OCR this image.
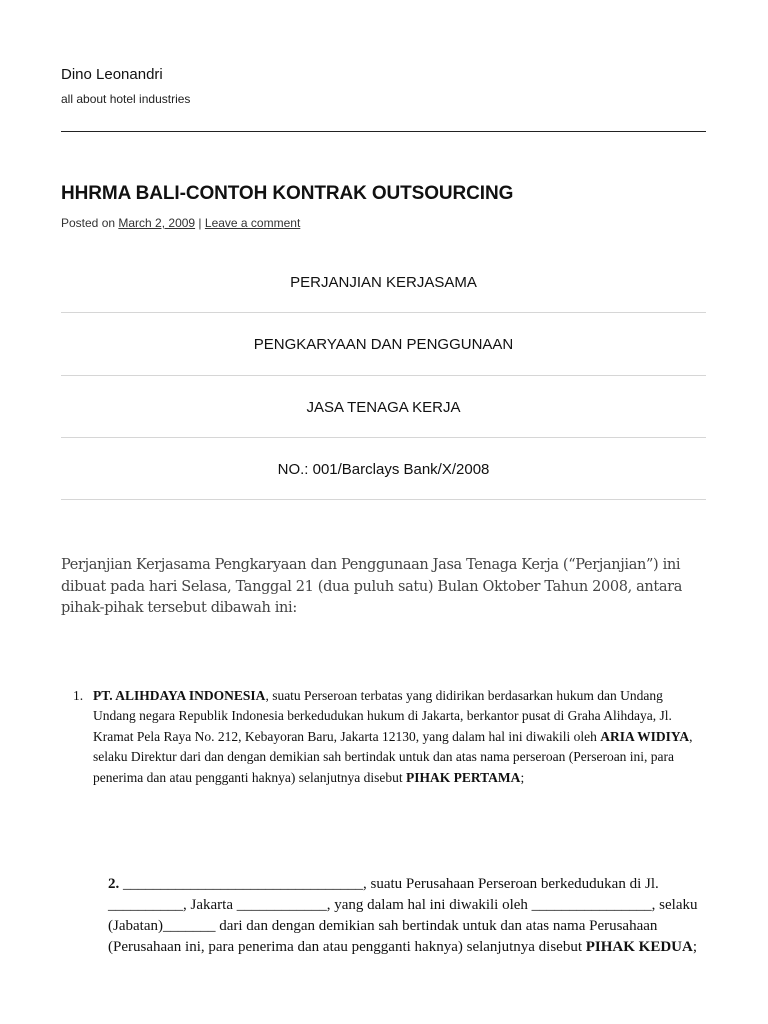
Dino Leonandri
all about hotel industries
HHRMA BALI-CONTOH KONTRAK OUTSOURCING
Posted on March 2, 2009 | Leave a comment
PERJANJIAN KERJASAMA
PENGKARYAAN DAN PENGGUNAAN
JASA TENAGA KERJA
NO.: 001/Barclays Bank/X/2008

Perjanjian Kerjasama Pengkaryaan dan Penggunaan Jasa Tenaga Kerja (“Perjanjian”) ini dibuat pada hari Selasa, Tanggal 21 (dua puluh satu) Bulan Oktober Tahun 2008, antara pihak-pihak tersebut dibawah ini:

1. PT. ALIHDAYA INDONESIA, suatu Perseroan terbatas yang didirikan berdasarkan hukum dan Undang Undang negara Republik Indonesia berkedudukan hukum di Jakarta, berkantor pusat di Graha Alihdaya, Jl. Kramat Pela Raya No. 212, Kebayoran Baru, Jakarta 12130, yang dalam hal ini diwakili oleh ARIA WIDIYA, selaku Direktur dari dan dengan demikian sah bertindak untuk dan atas nama perseroan (Perseroan ini, para penerima dan atau pengganti haknya) selanjutnya disebut PIHAK PERTAMA;

2. ________________________________, suatu Perusahaan Perseroan berkedudukan di Jl. __________, Jakarta ____________, yang dalam hal ini diwakili oleh ________________, selaku (Jabatan)_______ dari dan dengan demikian sah bertindak untuk dan atas nama Perusahaan (Perusahaan ini, para penerima dan atau pengganti haknya) selanjutnya disebut PIHAK KEDUA;
